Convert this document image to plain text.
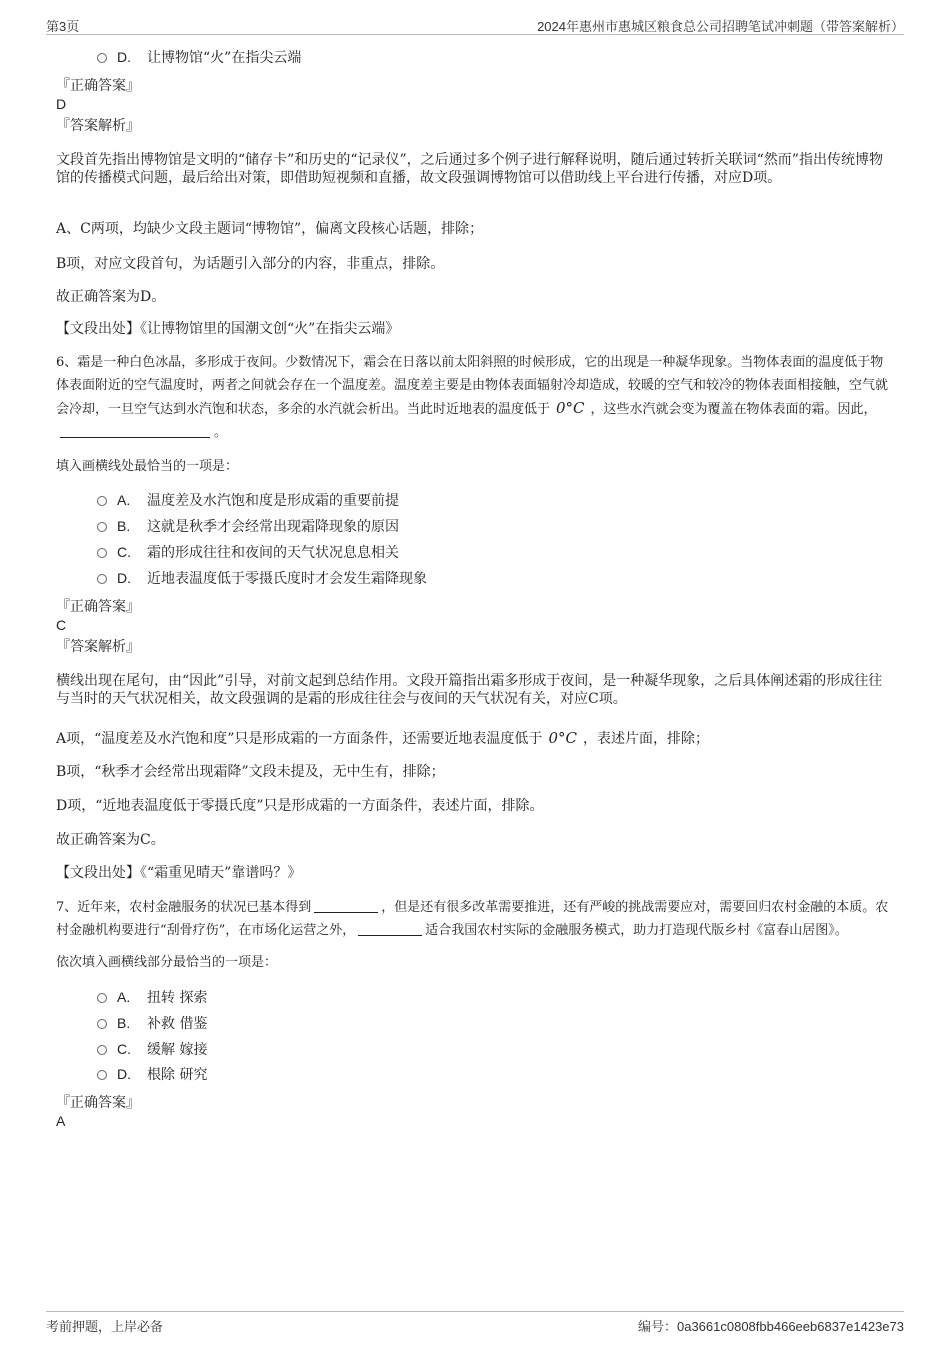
第3页	2024年惠州市惠城区粮食总公司招聘笔试冲刺题（带答案解析）
D. 让博物馆“火”在指尖云端
『正确答案』
D
『答案解析』
文段首先指出博物馆是文明的“储存卡”和历史的“记录仪”，之后通过多个例子进行解释说明，随后通过转折关联词“然而”指出传统博物馆的传播模式问题，最后给出对策，即借助短视频和直播，故文段强调博物馆可以借助线上平台进行传播，对应D项。
A、C两项，均缺少文段主题词“博物馆”，偏离文段核心话题，排除；
B项，对应文段首句，为话题引入部分的内容，非重点，排除。
故正确答案为D。
【文段出处】《让博物馆里的国潮文创“火”在指尖云端》
6、霜是一种白色冰晶，多形成于夜间。少数情况下，霜会在日落以前太阳斜照的时候形成，它的出现是一种凝华现象。当物体表面的温度低于物体表面附近的空气温度时，两者之间就会存在一个温度差。温度差主要是由物体表面辐射冷却造成，较暖的空气和较冷的物体表面相接触，空气就会冷却，一旦空气达到水汽饱和状态，多余的水汽就会析出。当此时近地表的温度低于 0°C ，这些水汽就会变为覆盖在物体表面的霜。因此，。
填入画横线处最恰当的一项是：
A. 温度差及水汽饱和度是形成霜的重要前提
B. 这就是秋季才会经常出现霜降现象的原因
C. 霜的形成往往和夜间的天气状况息息相关
D. 近地表温度低于零摄氏度时才会发生霜降现象
『正确答案』
C
『答案解析』
横线出现在尾句，由“因此”引导，对前文起到总结作用。文段开篇指出霜多形成于夜间，是一种凝华现象，之后具体阐述霜的形成往往与当时的天气状况相关，故文段强调的是霜的形成往往会与夜间的天气状况有关，对应C项。
A项，“温度差及水汽饱和度”只是形成霜的一方面条件，还需要近地表温度低于 0°C ，表述片面，排除；
B项，“秋季才会经常出现霜降”文段未提及，无中生有，排除；
D项，“近地表温度低于零摄氏度”只是形成霜的一方面条件，表述片面，排除。
故正确答案为C。
【文段出处】《“霜重见晴天”靠谱吗？》
7、近年来，农村金融服务的状况已基本得到	，但是还有很多改革需要推进，还有严峻的挑战需要应对，需要回归农村金融的本质。农村金融机构要进行“刮骨疗伤”，在市场化运营之外，	适合我国农村实际的金融服务模式，助力打造现代版乡村《富春山居图》。
依次填入画横线部分最恰当的一项是：
A. 扭转 探索
B. 补救 借鉴
C. 缓解 嫁接
D. 根除 研究
『正确答案』
A
考前押题，上岸必备	编号：0a3661c0808fbb466eeb6837e1423e73
